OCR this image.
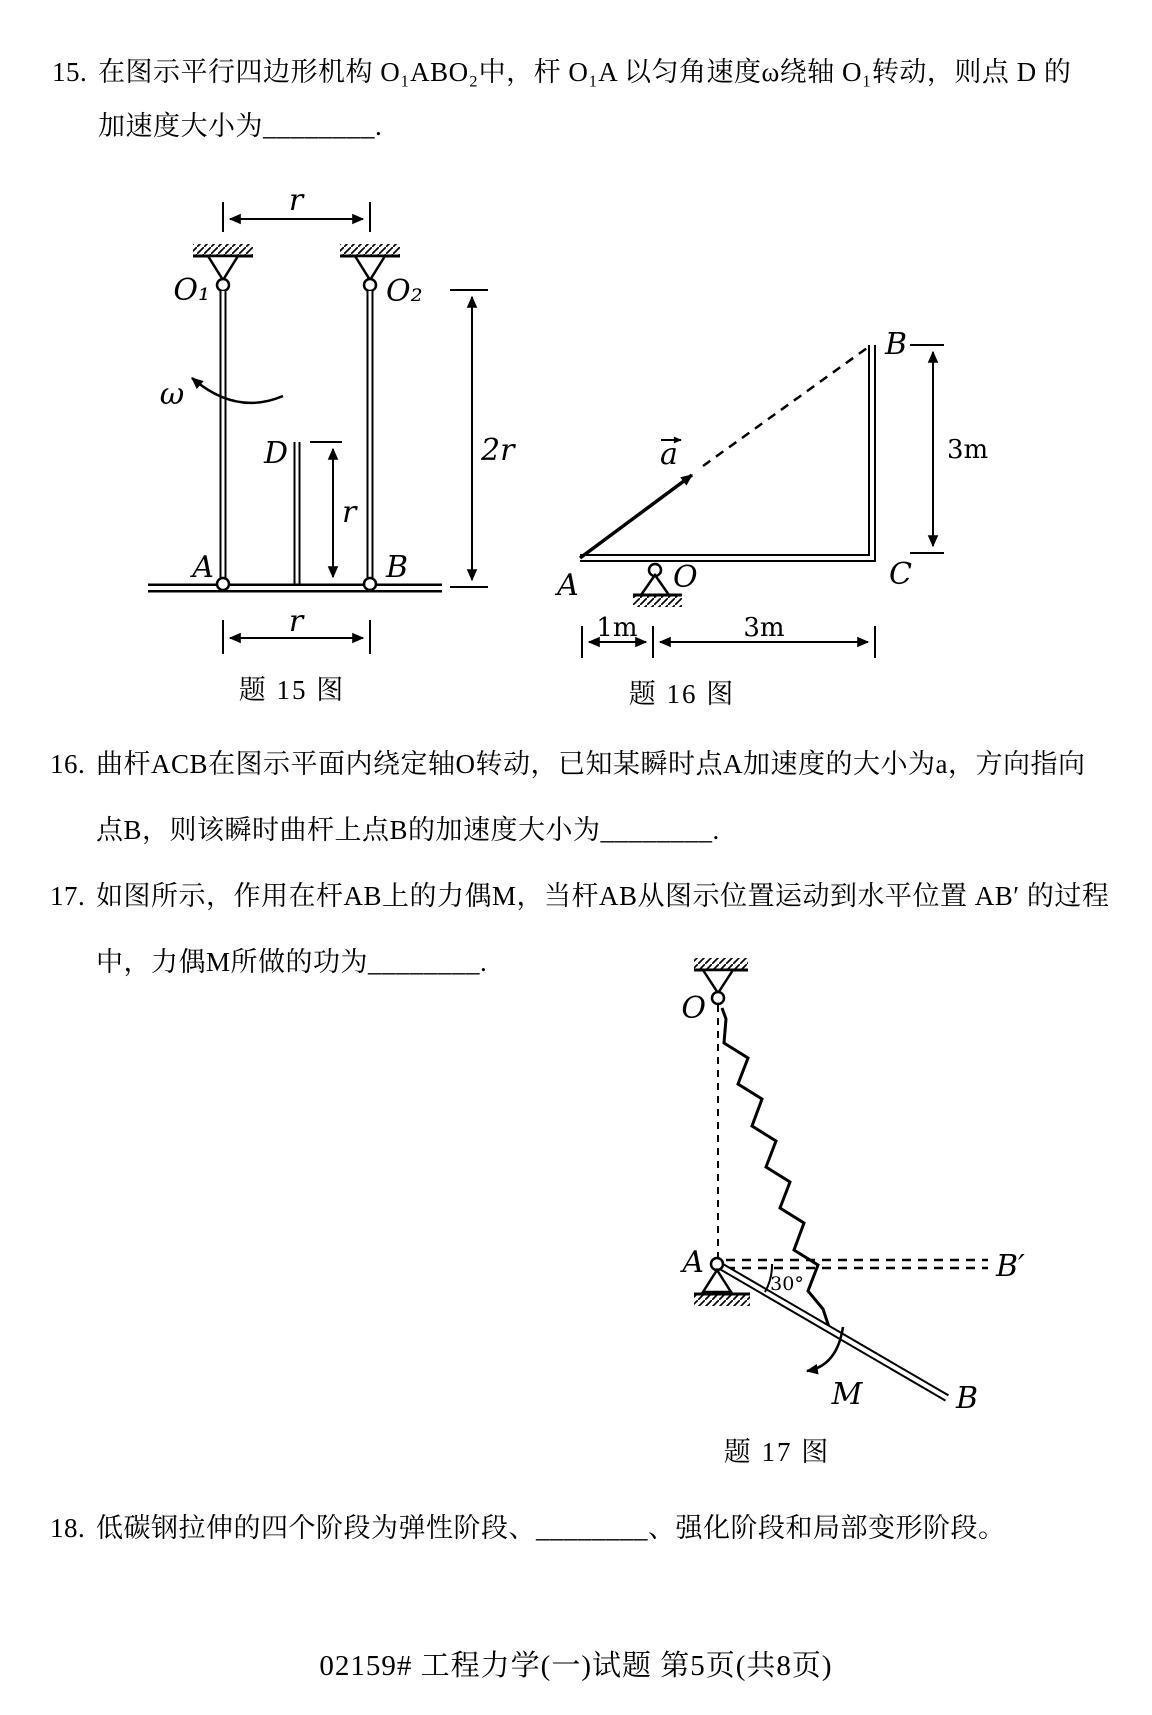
15. 在图示平行四边形机构 O₁ABO₂中，杆 O₁A 以匀角速度ω绕轴 O₁转动，则点 D 的
加速度大小为________.
r
O₁	O₂
ω
D
r
A	B
r
2r
题 15 图
a
A	O	C
B
3m
1m	3m
题 16 图
16. 曲杆ACB在图示平面内绕定轴O转动，已知某瞬时点A加速度的大小为a，方向指向
点B，则该瞬时曲杆上点B的加速度大小为________.
17. 如图所示，作用在杆AB上的力偶M，当杆AB从图示位置运动到水平位置 AB′ 的过程
中，力偶M所做的功为________.
O
B′
A
30°
M	B
题 17 图
18. 低碳钢拉伸的四个阶段为弹性阶段、________、强化阶段和局部变形阶段。
02159# 工程力学(一)试题 第5页(共8页)
